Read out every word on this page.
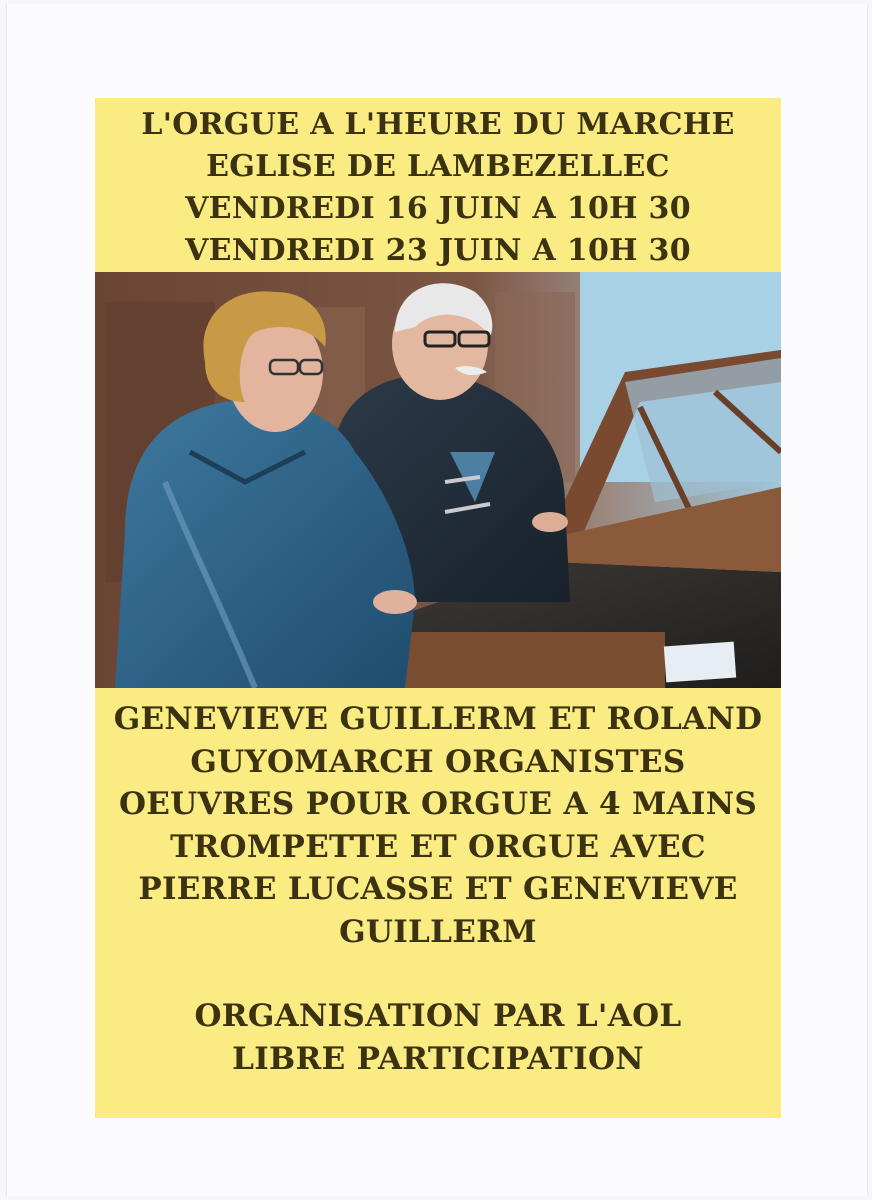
L'ORGUE A L'HEURE DU MARCHE
EGLISE DE LAMBEZELLEC
VENDREDI 16 JUIN A 10H 30
VENDREDI 23 JUIN A 10H 30
GENEVIEVE GUILLERM ET ROLAND
GUYOMARCH ORGANISTES
OEUVRES POUR ORGUE A 4 MAINS
TROMPETTE ET ORGUE AVEC
PIERRE LUCASSE ET GENEVIEVE
GUILLERM
ORGANISATION PAR L'AOL
LIBRE PARTICIPATION
